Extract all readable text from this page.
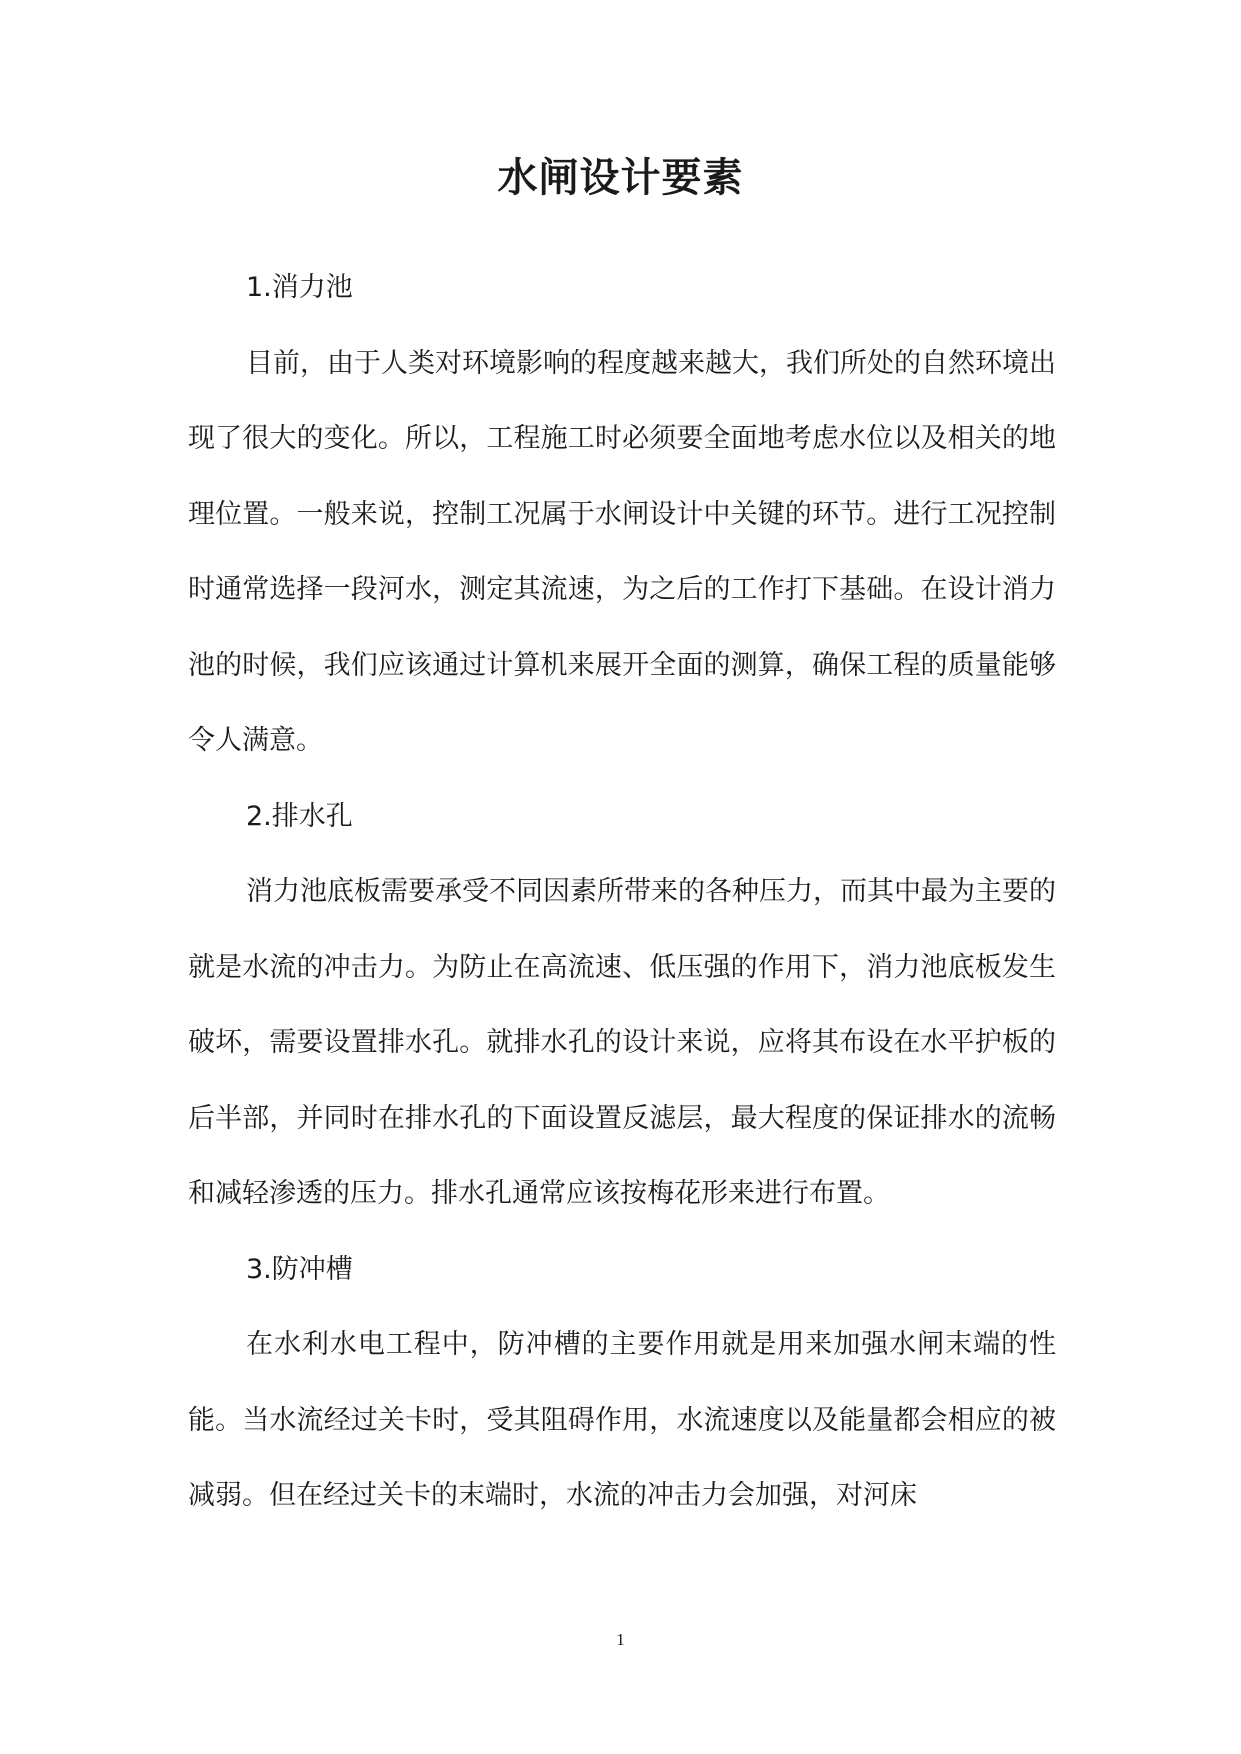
水闸设计要素

1.消力池

目前，由于人类对环境影响的程度越来越大，我们所处的自然环境出现了很大的变化。所以，工程施工时必须要全面地考虑水位以及相关的地理位置。一般来说，控制工况属于水闸设计中关键的环节。进行工况控制时通常选择一段河水，测定其流速，为之后的工作打下基础。在设计消力池的时候，我们应该通过计算机来展开全面的测算，确保工程的质量能够令人满意。

2.排水孔

消力池底板需要承受不同因素所带来的各种压力，而其中最为主要的就是水流的冲击力。为防止在高流速、低压强的作用下，消力池底板发生破坏，需要设置排水孔。就排水孔的设计来说，应将其布设在水平护板的后半部，并同时在排水孔的下面设置反滤层，最大程度的保证排水的流畅和减轻渗透的压力。排水孔通常应该按梅花形来进行布置。

3.防冲槽

在水利水电工程中，防冲槽的主要作用就是用来加强水闸末端的性能。当水流经过关卡时，受其阻碍作用，水流速度以及能量都会相应的被减弱。但在经过关卡的末端时，水流的冲击力会加强，对河床

1
